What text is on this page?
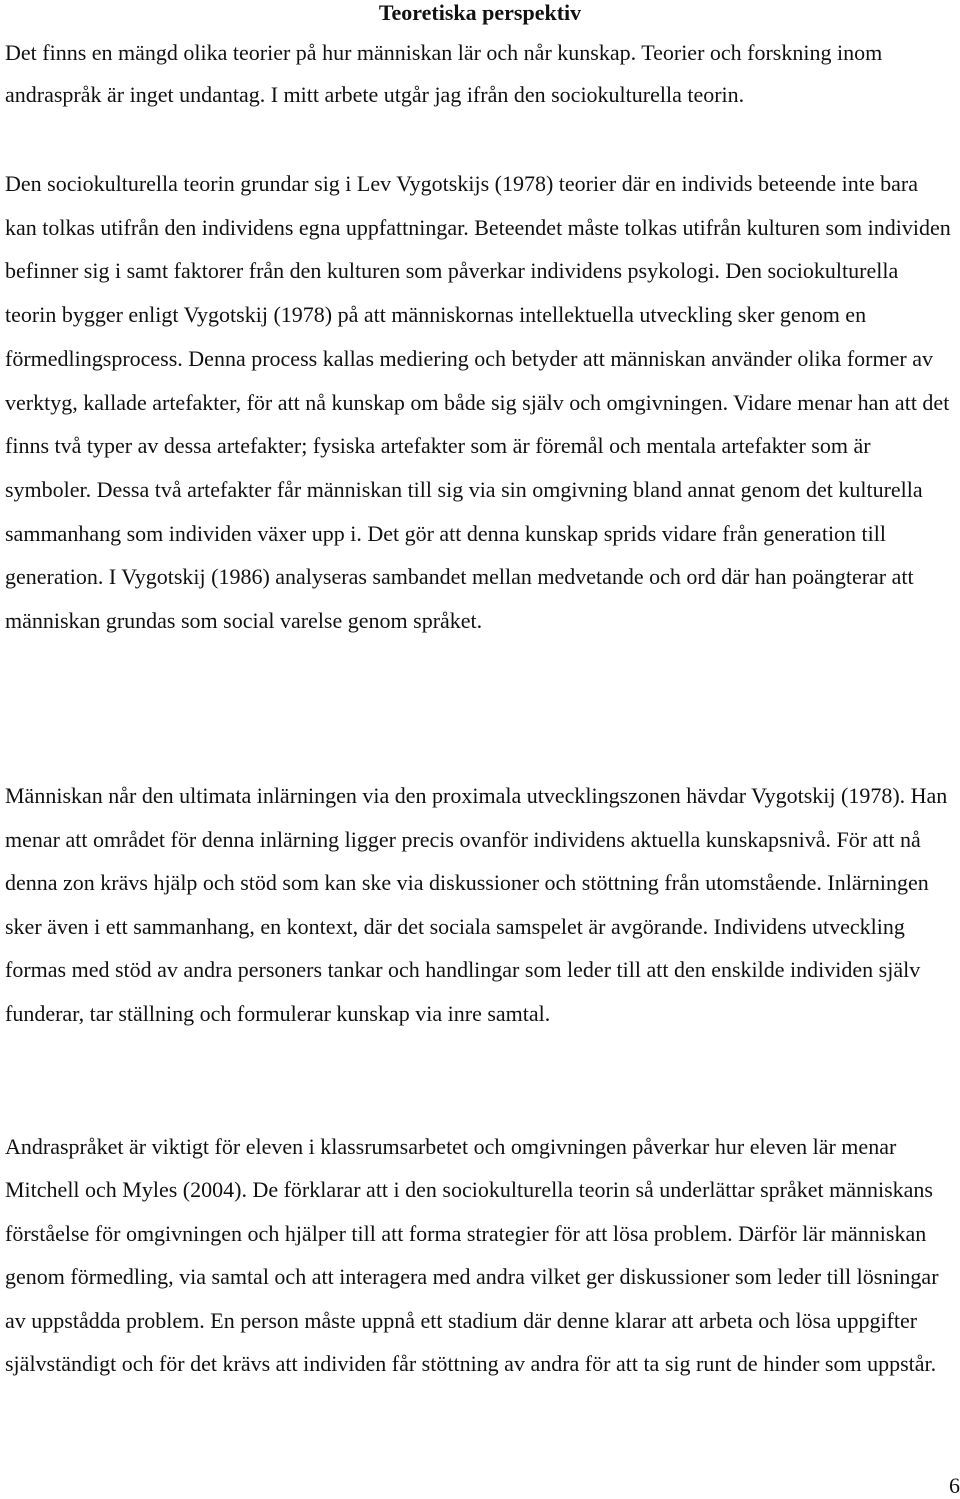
Teoretiska perspektiv

Det finns en mängd olika teorier på hur människan lär och når kunskap. Teorier och forskning inom andraspråk är inget undantag. I mitt arbete utgår jag ifrån den sociokulturella teorin.

Den sociokulturella teorin grundar sig i Lev Vygotskijs (1978) teorier där en individs beteende inte bara kan tolkas utifrån den individens egna uppfattningar. Beteendet måste tolkas utifrån kulturen som individen befinner sig i samt faktorer från den kulturen som påverkar individens psykologi. Den sociokulturella teorin bygger enligt Vygotskij (1978) på att människornas intellektuella utveckling sker genom en förmedlingsprocess. Denna process kallas mediering och betyder att människan använder olika former av verktyg, kallade artefakter, för att nå kunskap om både sig själv och omgivningen. Vidare menar han att det finns två typer av dessa artefakter; fysiska artefakter som är föremål och mentala artefakter som är symboler. Dessa två artefakter får människan till sig via sin omgivning bland annat genom det kulturella sammanhang som individen växer upp i. Det gör att denna kunskap sprids vidare från generation till generation. I Vygotskij (1986) analyseras sambandet mellan medvetande och ord där han poängterar att människan grundas som social varelse genom språket.

Människan når den ultimata inlärningen via den proximala utvecklingszonen hävdar Vygotskij (1978). Han menar att området för denna inlärning ligger precis ovanför individens aktuella kunskapsnivå. För att nå denna zon krävs hjälp och stöd som kan ske via diskussioner och stöttning från utomstående. Inlärningen sker även i ett sammanhang, en kontext, där det sociala samspelet är avgörande. Individens utveckling formas med stöd av andra personers tankar och handlingar som leder till att den enskilde individen själv funderar, tar ställning och formulerar kunskap via inre samtal.

Andraspråket är viktigt för eleven i klassrumsarbetet och omgivningen påverkar hur eleven lär menar Mitchell och Myles (2004). De förklarar att i den sociokulturella teorin så underlättar språket människans förståelse för omgivningen och hjälper till att forma strategier för att lösa problem. Därför lär människan genom förmedling, via samtal och att interagera med andra vilket ger diskussioner som leder till lösningar av uppstådda problem. En person måste uppnå ett stadium där denne klarar att arbeta och lösa uppgifter självständigt och för det krävs att individen får stöttning av andra för att ta sig runt de hinder som uppstår.

6
